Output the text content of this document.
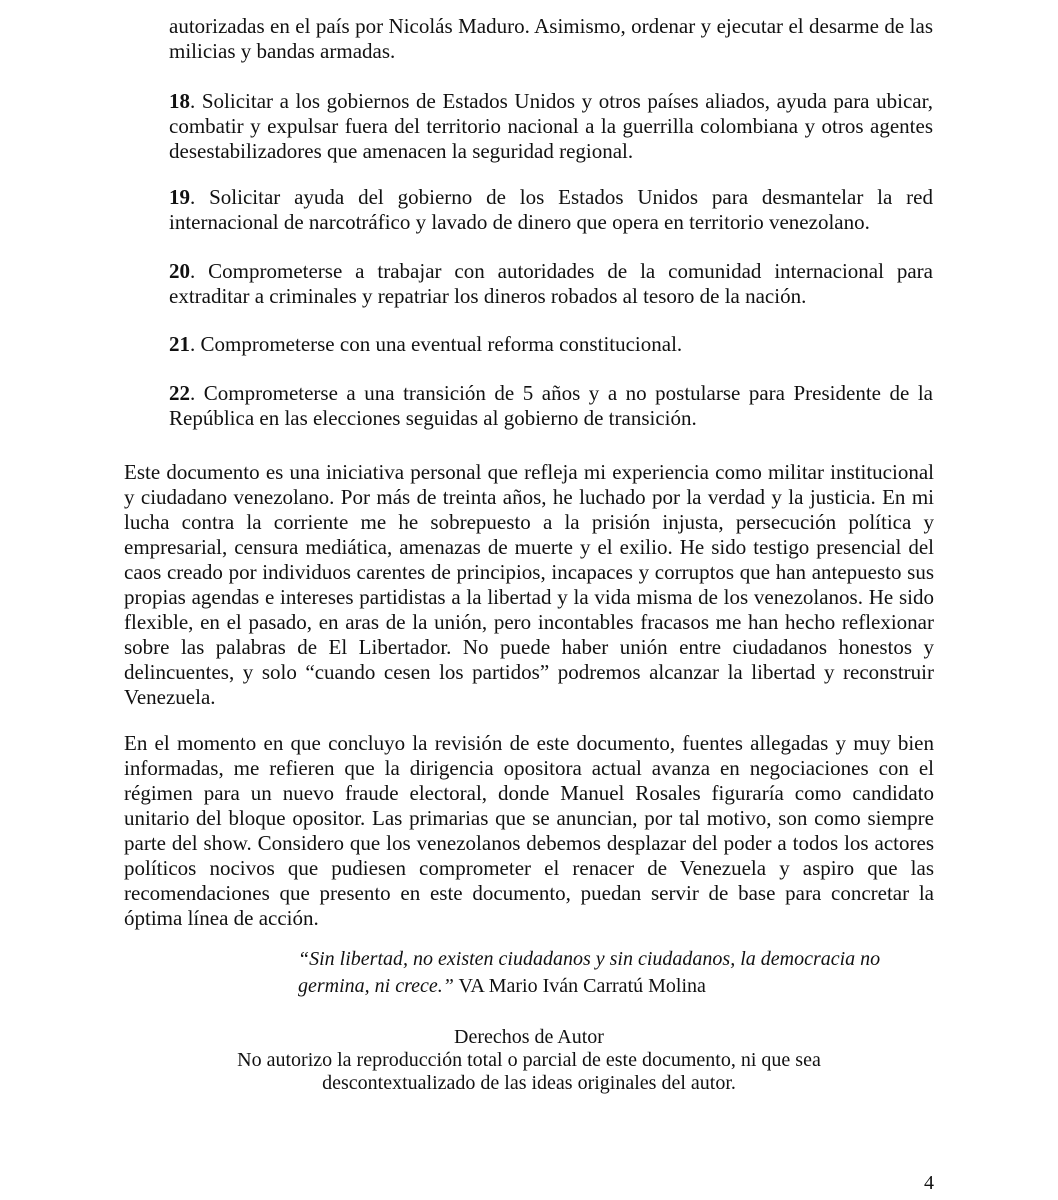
autorizadas en el país por Nicolás Maduro. Asimismo, ordenar y ejecutar el desarme de las milicias y bandas armadas.

18. Solicitar a los gobiernos de Estados Unidos y otros países aliados, ayuda para ubicar, combatir y expulsar fuera del territorio nacional a la guerrilla colombiana y otros agentes desestabilizadores que amenacen la seguridad regional.

19. Solicitar ayuda del gobierno de los Estados Unidos para desmantelar la red internacional de narcotráfico y lavado de dinero que opera en territorio venezolano.

20. Comprometerse a trabajar con autoridades de la comunidad internacional para extraditar a criminales y repatriar los dineros robados al tesoro de la nación.

21. Comprometerse con una eventual reforma constitucional.

22. Comprometerse a una transición de 5 años y a no postularse para Presidente de la República en las elecciones seguidas al gobierno de transición.

Este documento es una iniciativa personal que refleja mi experiencia como militar institucional y ciudadano venezolano. Por más de treinta años, he luchado por la verdad y la justicia. En mi lucha contra la corriente me he sobrepuesto a la prisión injusta, persecución política y empresarial, censura mediática, amenazas de muerte y el exilio. He sido testigo presencial del caos creado por individuos carentes de principios, incapaces y corruptos que han antepuesto sus propias agendas e intereses partidistas a la libertad y la vida misma de los venezolanos. He sido flexible, en el pasado, en aras de la unión, pero incontables fracasos me han hecho reflexionar sobre las palabras de El Libertador. No puede haber unión entre ciudadanos honestos y delincuentes, y solo “cuando cesen los partidos” podremos alcanzar la libertad y reconstruir Venezuela.

En el momento en que concluyo la revisión de este documento, fuentes allegadas y muy bien informadas, me refieren que la dirigencia opositora actual avanza en negociaciones con el régimen para un nuevo fraude electoral, donde Manuel Rosales figuraría como candidato unitario del bloque opositor. Las primarias que se anuncian, por tal motivo, son como siempre parte del show. Considero que los venezolanos debemos desplazar del poder a todos los actores políticos nocivos que pudiesen comprometer el renacer de Venezuela y aspiro que las recomendaciones que presento en este documento, puedan servir de base para concretar la óptima línea de acción.

“Sin libertad, no existen ciudadanos y sin ciudadanos, la democracia no germina, ni crece.” VA Mario Iván Carratú Molina

Derechos de Autor
No autorizo la reproducción total o parcial de este documento, ni que sea
descontextualizado de las ideas originales del autor.
4
